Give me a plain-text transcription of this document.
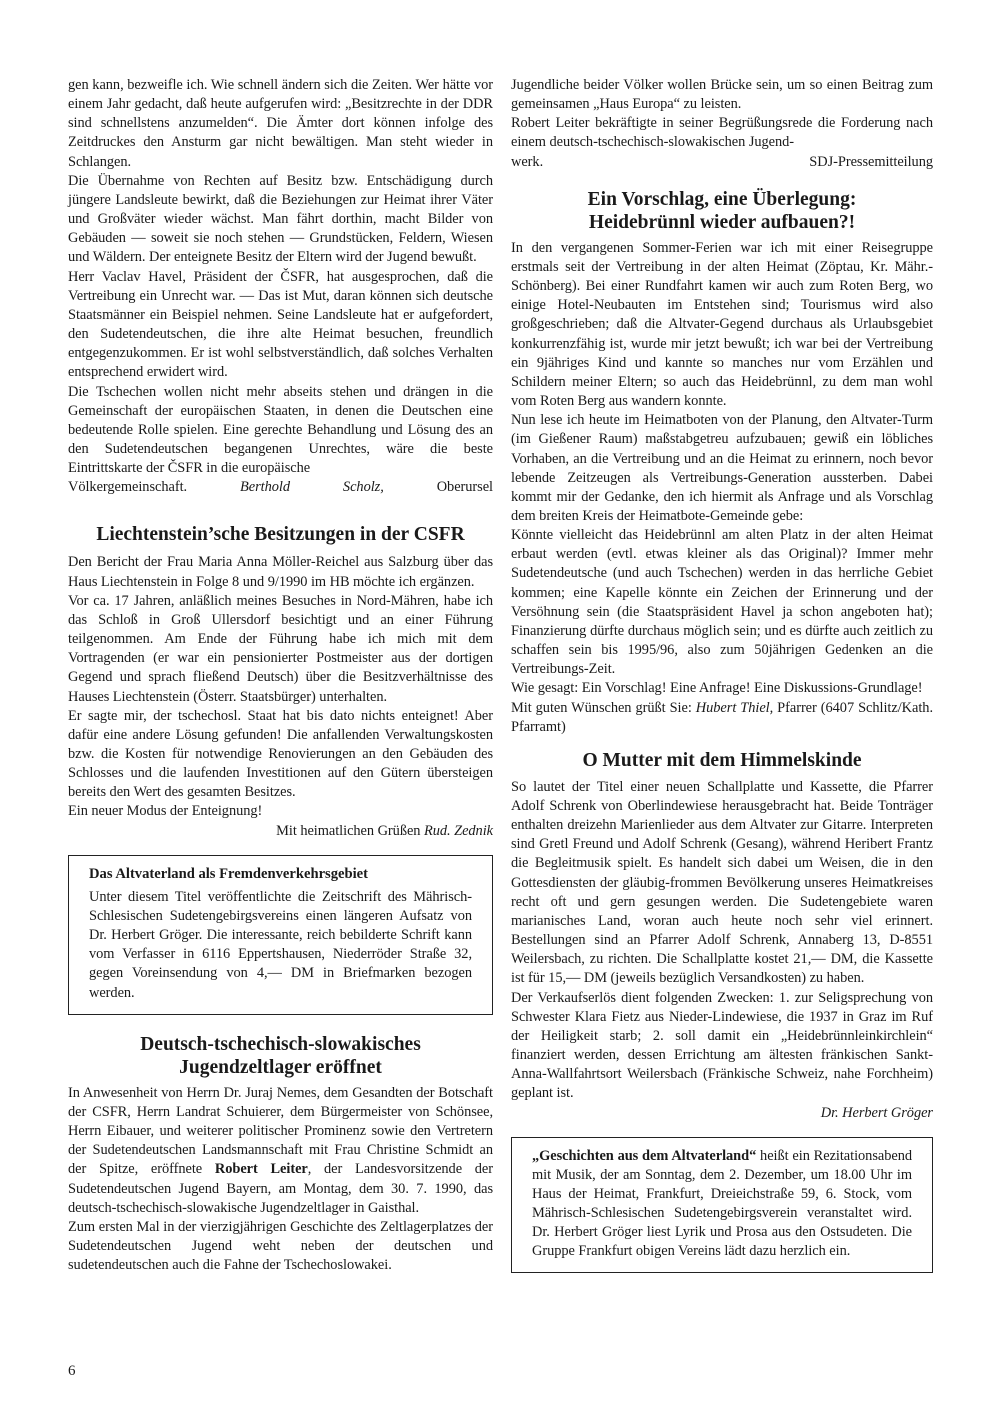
gen kann, bezweifle ich. Wie schnell ändern sich die Zeiten. Wer hätte vor einem Jahr gedacht, daß heute aufgerufen wird: „Besitzrechte in der DDR sind schnellstens anzumelden“. Die Ämter dort können infolge des Zeitdruckes den Ansturm gar nicht bewältigen. Man steht wieder in Schlangen.

Die Übernahme von Rechten auf Besitz bzw. Entschädigung durch jüngere Landsleute bewirkt, daß die Beziehungen zur Heimat ihrer Väter und Großväter wieder wächst. Man fährt dorthin, macht Bilder von Gebäuden — soweit sie noch stehen — Grundstücken, Feldern, Wiesen und Wäldern. Der enteignete Besitz der Eltern wird der Jugend bewußt.

Herr Vaclav Havel, Präsident der ČSFR, hat ausgesprochen, daß die Vertreibung ein Unrecht war. — Das ist Mut, daran können sich deutsche Staatsmänner ein Beispiel nehmen. Seine Landsleute hat er aufgefordert, den Sudetendeutschen, die ihre alte Heimat besuchen, freundlich entgegenzukommen. Er ist wohl selbstverständlich, daß solches Verhalten entsprechend erwidert wird.

Die Tschechen wollen nicht mehr abseits stehen und drängen in die Gemeinschaft der europäischen Staaten, in denen die Deutschen eine bedeutende Rolle spielen. Eine gerechte Behandlung und Lösung des an den Sudetendeutschen begangenen Unrechtes, wäre die beste Eintrittskarte der ČSFR in die europäische

Völkergemeinschaft.	Berthold Scholz, Oberursel

Liechtenstein’sche Besitzungen in der CSFR

Den Bericht der Frau Maria Anna Möller-Reichel aus Salzburg über das Haus Liechtenstein in Folge 8 und 9/1990 im HB möchte ich ergänzen.

Vor ca. 17 Jahren, anläßlich meines Besuches in Nord-Mähren, habe ich das Schloß in Groß Ullersdorf besichtigt und an einer Führung teilgenommen. Am Ende der Führung habe ich mich mit dem Vortragenden (er war ein pensionierter Postmeister aus der dortigen Gegend und sprach fließend Deutsch) über die Besitzverhältnisse des Hauses Liechtenstein (Österr. Staatsbürger) unterhalten.

Er sagte mir, der tschechosl. Staat hat bis dato nichts enteignet! Aber dafür eine andere Lösung gefunden! Die anfallenden Verwaltungskosten bzw. die Kosten für notwendige Renovierungen an den Gebäuden des Schlosses und die laufenden Investitionen auf den Gütern übersteigen bereits den Wert des gesamten Besitzes.

Ein neuer Modus der Enteignung!

Mit heimatlichen Grüßen Rud. Zednik

Das Altvaterland als Fremdenverkehrsgebiet

Unter diesem Titel veröffentlichte die Zeitschrift des Mährisch-Schlesischen Sudetengebirgsvereins einen längeren Aufsatz von Dr. Herbert Gröger. Die interessante, reich bebilderte Schrift kann vom Verfasser in 6116 Eppertshausen, Niederröder Straße 32, gegen Voreinsendung von 4,— DM in Briefmarken bezogen werden.

Deutsch-tschechisch-slowakisches
Jugendzeltlager eröffnet

In Anwesenheit von Herrn Dr. Juraj Nemes, dem Gesandten der Botschaft der CSFR, Herrn Landrat Schuierer, dem Bürgermeister von Schönsee, Herrn Eibauer, und weiterer politischer Prominenz sowie den Vertretern der Sudetendeutschen Landsmannschaft mit Frau Christine Schmidt an der Spitze, eröffnete Robert Leiter, der Landesvorsitzende der Sudetendeutschen Jugend Bayern, am Montag, dem 30. 7. 1990, das deutsch-tschechisch-slowakische Jugendzeltlager in Gaisthal.

Zum ersten Mal in der vierzigjährigen Geschichte des Zeltlagerplatzes der Sudetendeutschen Jugend weht neben der deutschen und sudetendeutschen auch die Fahne der Tschechoslowakei.

Jugendliche beider Völker wollen Brücke sein, um so einen Beitrag zum gemeinsamen „Haus Europa“ zu leisten.

Robert Leiter bekräftigte in seiner Begrüßungsrede die Forderung nach einem deutsch-tschechisch-slowakischen Jugend-

werk.	SDJ-Pressemitteilung

Ein Vorschlag, eine Überlegung:
Heidebrünnl wieder aufbauen?!

In den vergangenen Sommer-Ferien war ich mit einer Reisegruppe erstmals seit der Vertreibung in der alten Heimat (Zöptau, Kr. Mähr.-Schönberg). Bei einer Rundfahrt kamen wir auch zum Roten Berg, wo einige Hotel-Neubauten im Entstehen sind; Tourismus wird also großgeschrieben; daß die Altvater-Gegend durchaus als Urlaubsgebiet konkurrenzfähig ist, wurde mir jetzt bewußt; ich war bei der Vertreibung ein 9jähriges Kind und kannte so manches nur vom Erzählen und Schildern meiner Eltern; so auch das Heidebrünnl, zu dem man wohl vom Roten Berg aus wandern konnte.

Nun lese ich heute im Heimatboten von der Planung, den Altvater-Turm (im Gießener Raum) maßstabgetreu aufzubauen; gewiß ein löbliches Vorhaben, an die Vertreibung und an die Heimat zu erinnern, noch bevor lebende Zeitzeugen als Vertreibungs-Generation aussterben. Dabei kommt mir der Gedanke, den ich hiermit als Anfrage und als Vorschlag dem breiten Kreis der Heimatbote-Gemeinde gebe:

Könnte vielleicht das Heidebrünnl am alten Platz in der alten Heimat erbaut werden (evtl. etwas kleiner als das Original)? Immer mehr Sudetendeutsche (und auch Tschechen) werden in das herrliche Gebiet kommen; eine Kapelle könnte ein Zeichen der Erinnerung und der Versöhnung sein (die Staatspräsident Havel ja schon angeboten hat); Finanzierung dürfte durchaus möglich sein; und es dürfte auch zeitlich zu schaffen sein bis 1995/96, also zum 50jährigen Gedenken an die Vertreibungs-Zeit.

Wie gesagt: Ein Vorschlag! Eine Anfrage! Eine Diskussions-Grundlage!

Mit guten Wünschen grüßt Sie: Hubert Thiel, Pfarrer (6407 Schlitz/Kath. Pfarramt)

O Mutter mit dem Himmelskinde

So lautet der Titel einer neuen Schallplatte und Kassette, die Pfarrer Adolf Schrenk von Oberlindewiese herausgebracht hat. Beide Tonträger enthalten dreizehn Marienlieder aus dem Altvater zur Gitarre. Interpreten sind Gretl Freund und Adolf Schrenk (Gesang), während Heribert Frantz die Begleitmusik spielt. Es handelt sich dabei um Weisen, die in den Gottesdiensten der gläubig-frommen Bevölkerung unseres Heimatkreises recht oft und gern gesungen werden. Die Sudetengebiete waren marianisches Land, woran auch heute noch sehr viel erinnert. Bestellungen sind an Pfarrer Adolf Schrenk, Annaberg 13, D-8551 Weilersbach, zu richten. Die Schallplatte kostet 21,— DM, die Kassette ist für 15,— DM (jeweils bezüglich Versandkosten) zu haben.

Der Verkaufserlös dient folgenden Zwecken: 1. zur Seligsprechung von Schwester Klara Fietz aus Nieder-Lindewiese, die 1937 in Graz im Ruf der Heiligkeit starb; 2. soll damit ein „Heidebrünnleinkirchlein“ finanziert werden, dessen Errichtung am ältesten fränkischen Sankt-Anna-Wallfahrtsort Weilersbach (Fränkische Schweiz, nahe Forchheim) geplant ist.

Dr. Herbert Gröger

„Geschichten aus dem Altvaterland“ heißt ein Rezitationsabend mit Musik, der am Sonntag, dem 2. Dezember, um 18.00 Uhr im Haus der Heimat, Frankfurt, Dreieichstraße 59, 6. Stock, vom Mährisch-Schlesischen Sudetengebirgsverein veranstaltet wird. Dr. Herbert Gröger liest Lyrik und Prosa aus den Ostsudeten. Die Gruppe Frankfurt obigen Vereins lädt dazu herzlich ein.

6
